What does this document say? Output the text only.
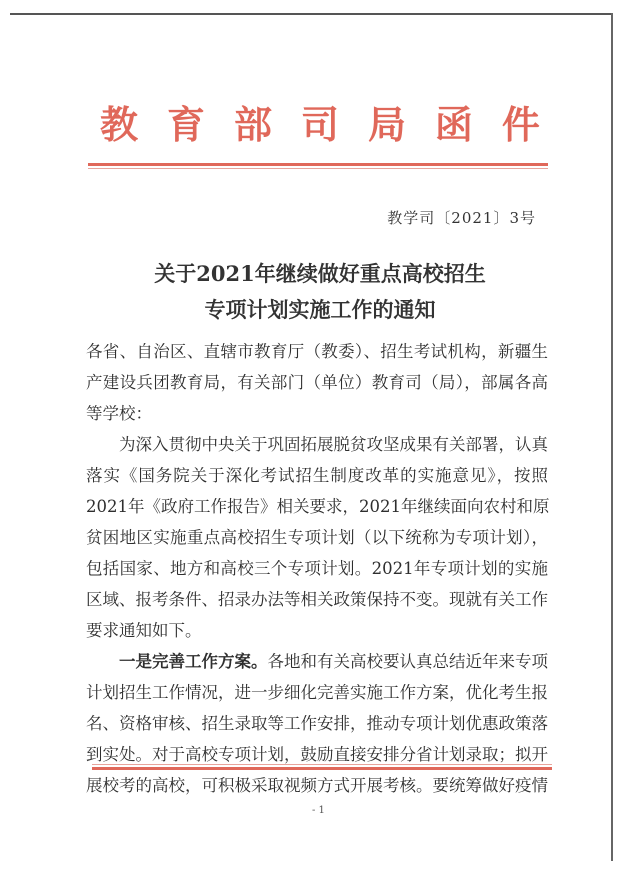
教 育 部 司 局 函 件
教学司〔2021〕3号
关于2021年继续做好重点高校招生
专项计划实施工作的通知
各省、自治区、直辖市教育厅（教委）、招生考试机构，新疆生
产建设兵团教育局，有关部门（单位）教育司（局），部属各高
等学校：
为深入贯彻中央关于巩固拓展脱贫攻坚成果有关部署，认真
落实《国务院关于深化考试招生制度改革的实施意见》，按照
2021年《政府工作报告》相关要求，2021年继续面向农村和原
贫困地区实施重点高校招生专项计划（以下统称为专项计划），
包括国家、地方和高校三个专项计划。2021年专项计划的实施
区域、报考条件、招录办法等相关政策保持不变。现就有关工作
要求通知如下。
一是完善工作方案。各地和有关高校要认真总结近年来专项
计划招生工作情况，进一步细化完善实施工作方案，优化考生报
名、资格审核、招生录取等工作安排，推动专项计划优惠政策落
到实处。对于高校专项计划，鼓励直接安排分省计划录取；拟开
展校考的高校，可积极采取视频方式开展考核。要统筹做好疫情
- 1
